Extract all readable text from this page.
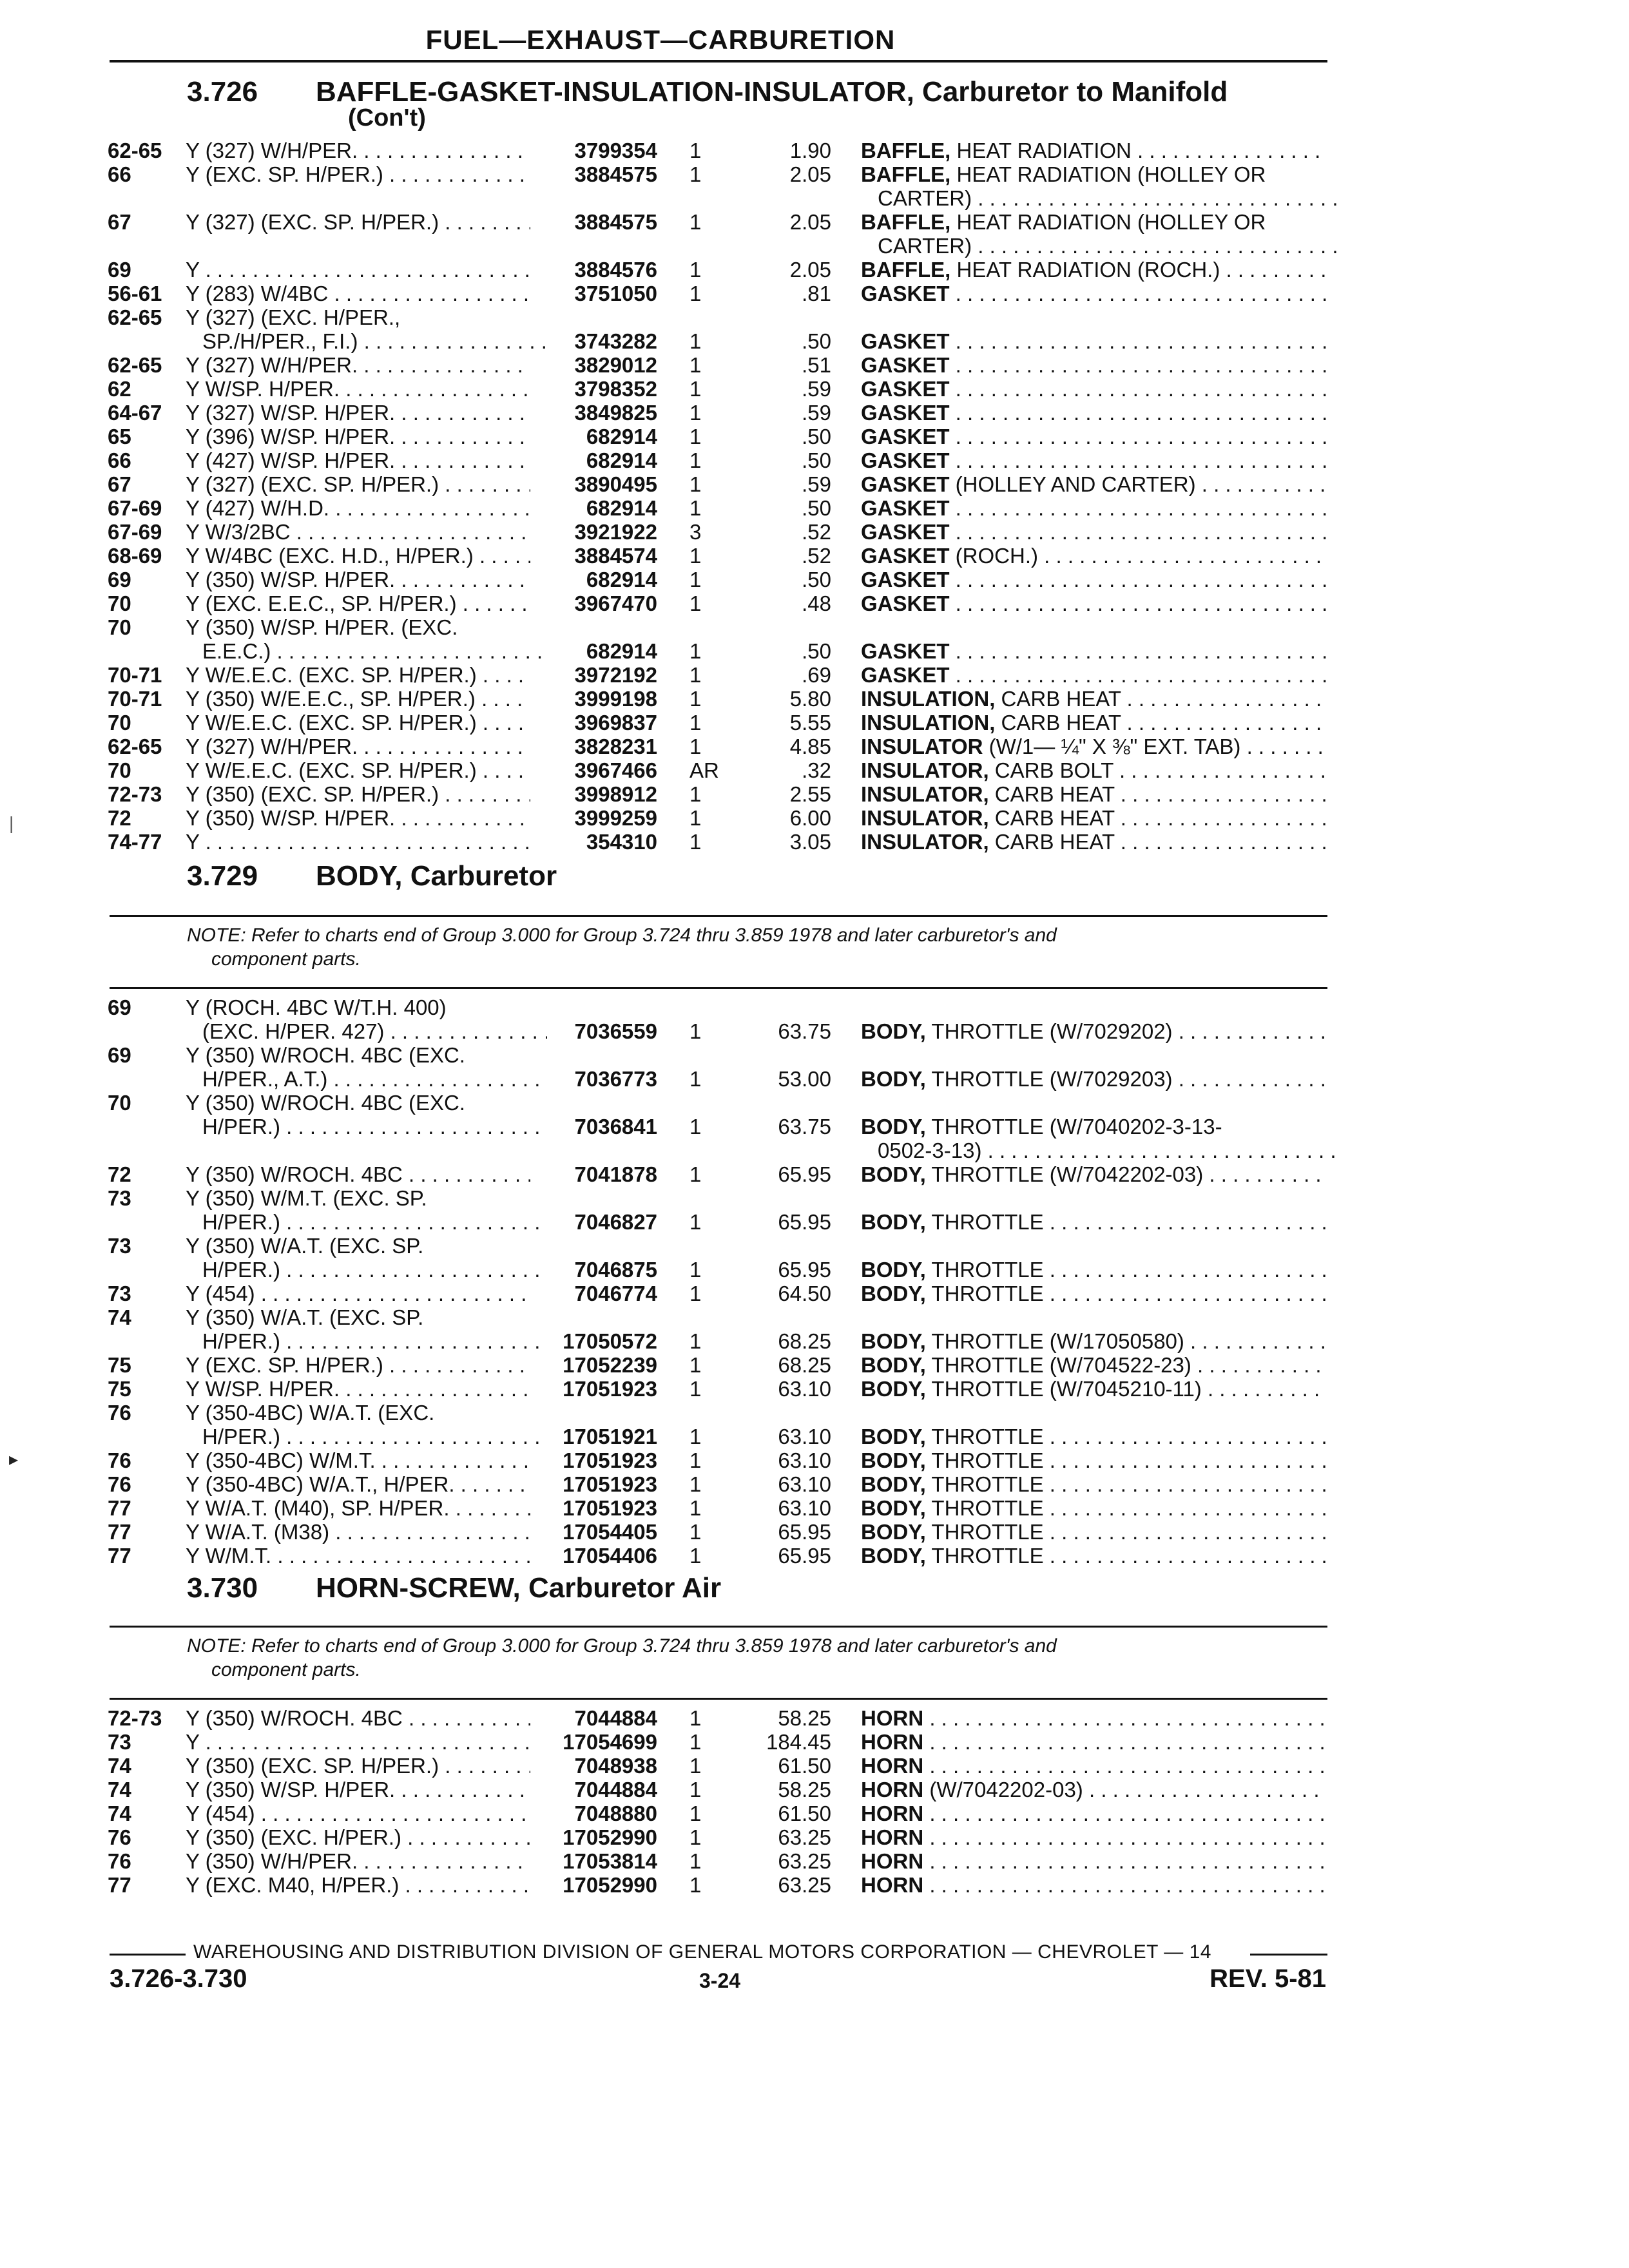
FUEL—EXHAUST—CARBURETION
3.726	BAFFLE-GASKET-INSULATION-INSULATOR, Carburetor to Manifold
(Con't)
62-65 Y (327) W/H/PER. . . .	3799354 1	1.90 BAFFLE, HEAT RADIATION . . .
66	Y (EXC. SP. H/PER.) . . .	3884575 1	2.05 BAFFLE, HEAT RADIATION (HOLLEY OR
CARTER) . . .
67	Y (327) (EXC. SP. H/PER.) . . .	3884575 1	2.05 BAFFLE, HEAT RADIATION (HOLLEY OR
CARTER) . . .
69	Y . . .	3884576 1	2.05 BAFFLE, HEAT RADIATION (ROCH.) . . .
56-61 Y (283) W/4BC . . .	3751050 1	.81 GASKET . . .
62-65 Y (327) (EXC. H/PER.,
SP./H/PER., F.I.) . . .	3743282 1	.50 GASKET . . .
62-65 Y (327) W/H/PER. . . .	3829012 1	.51 GASKET . . .
62	Y W/SP. H/PER. . . .	3798352 1	.59 GASKET . . .
64-67 Y (327) W/SP. H/PER. . . .	3849825 1	.59 GASKET . . .
65	Y (396) W/SP. H/PER. . . .	682914 1	.50 GASKET . . .
66	Y (427) W/SP. H/PER. . . .	682914 1	.50 GASKET . . .
67	Y (327) (EXC. SP. H/PER.) . . .	3890495 1	.59 GASKET (HOLLEY AND CARTER) . . .
67-69 Y (427) W/H.D. . . .	682914 1	.50 GASKET . . .
67-69 Y W/3/2BC . . .	3921922 3	.52 GASKET . . .
68-69 Y W/4BC (EXC. H.D., H/PER.) . . .	3884574 1	.52 GASKET (ROCH.) . . .
69	Y (350) W/SP. H/PER. . . .	682914 1	.50 GASKET . . .
70	Y (EXC. E.E.C., SP. H/PER.) . . .	3967470 1	.48 GASKET . . .
70	Y (350) W/SP. H/PER. (EXC.
E.E.C.) . . .	682914 1	.50 GASKET . . .
70-71 Y W/E.E.C. (EXC. SP. H/PER.) . . .	3972192 1	.69 GASKET . . .
70-71 Y (350) W/E.E.C., SP. H/PER.) . . .	3999198 1	5.80 INSULATION, CARB HEAT . . .
70	Y W/E.E.C. (EXC. SP. H/PER.) . . .	3969837 1	5.55 INSULATION, CARB HEAT . . .
62-65 Y (327) W/H/PER. . . .	3828231 1	4.85 INSULATOR (W/1— ¼" X ⅜" EXT. TAB) . . .
70	Y W/E.E.C. (EXC. SP. H/PER.) . . .	3967466 AR	.32 INSULATOR, CARB BOLT . . .
72-73 Y (350) (EXC. SP. H/PER.) . . .	3998912 1	2.55 INSULATOR, CARB HEAT . . .
72	Y (350) W/SP. H/PER. . . .	3999259 1	6.00 INSULATOR, CARB HEAT . . .
74-77 Y . . .	354310 1	3.05 INSULATOR, CARB HEAT . . .
3.729	BODY, Carburetor
NOTE: Refer to charts end of Group 3.000 for Group 3.724 thru 3.859 1978 and later carburetor's and
component parts.
69	Y (ROCH. 4BC W/T.H. 400)
(EXC. H/PER. 427) . . .	7036559 1	63.75 BODY, THROTTLE (W/7029202) . . .
69	Y (350) W/ROCH. 4BC (EXC.
H/PER., A.T.) . . .	7036773 1	53.00 BODY, THROTTLE (W/7029203) . . .
70	Y (350) W/ROCH. 4BC (EXC.
H/PER.) . . .	7036841 1	63.75 BODY, THROTTLE (W/7040202-3-13-
0502-3-13) . . .
72	Y (350) W/ROCH. 4BC . . .	7041878 1	65.95 BODY, THROTTLE (W/7042202-03) . . .
73	Y (350) W/M.T. (EXC. SP.
H/PER.) . . .	7046827 1	65.95 BODY, THROTTLE . . .
73	Y (350) W/A.T. (EXC. SP.
H/PER.) . . .	7046875 1	65.95 BODY, THROTTLE . . .
73	Y (454) . . .	7046774 1	64.50 BODY, THROTTLE . . .
74	Y (350) W/A.T. (EXC. SP.
H/PER.) . . .	17050572 1	68.25 BODY, THROTTLE (W/17050580) . . .
75	Y (EXC. SP. H/PER.) . . .	17052239 1	68.25 BODY, THROTTLE (W/704522-23) . . .
75	Y W/SP. H/PER. . . .	17051923 1	63.10 BODY, THROTTLE (W/7045210-11) . . .
76	Y (350-4BC) W/A.T. (EXC.
H/PER.) . . .	17051921 1	63.10 BODY, THROTTLE . . .
76	Y (350-4BC) W/M.T. . . .	17051923 1	63.10 BODY, THROTTLE . . .
76	Y (350-4BC) W/A.T., H/PER. . . .	17051923 1	63.10 BODY, THROTTLE . . .
77	Y W/A.T. (M40), SP. H/PER. . . .	17051923 1	63.10 BODY, THROTTLE . . .
77	Y W/A.T. (M38) . . .	17054405 1	65.95 BODY, THROTTLE . . .
77	Y W/M.T. . . .	17054406 1	65.95 BODY, THROTTLE . . .
3.730	HORN-SCREW, Carburetor Air
NOTE: Refer to charts end of Group 3.000 for Group 3.724 thru 3.859 1978 and later carburetor's and
component parts.
72-73 Y (350) W/ROCH. 4BC . . .	7044884 1	58.25 HORN . . .
73	Y . . .	17054699 1	184.45 HORN . . .
74	Y (350) (EXC. SP. H/PER.) . . .	7048938 1	61.50 HORN . . .
74	Y (350) W/SP. H/PER. . . .	7044884 1	58.25 HORN (W/7042202-03) . . .
74	Y (454) . . .	7048880 1	61.50 HORN . . .
76	Y (350) (EXC. H/PER.) . . .	17052990 1	63.25 HORN . . .
76	Y (350) W/H/PER. . . .	17053814 1	63.25 HORN . . .
77	Y (EXC. M40, H/PER.) . . .	17052990 1	63.25 HORN . . .
WAREHOUSING AND DISTRIBUTION DIVISION OF GENERAL MOTORS CORPORATION — CHEVROLET — 14
3.726-3.730	3-24	REV. 5-81
|
▸
